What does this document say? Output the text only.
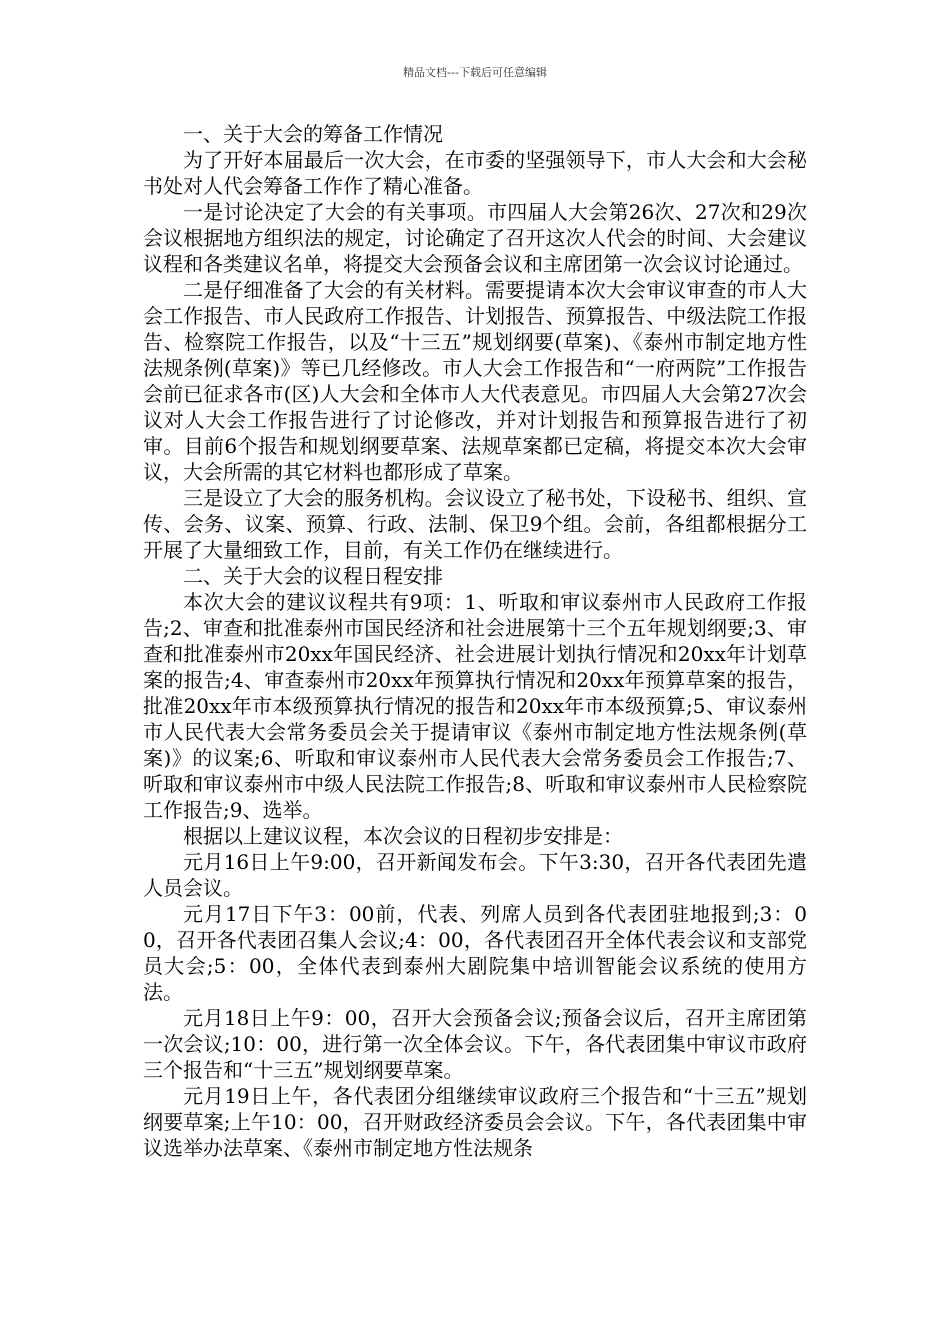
精品文档---下载后可任意编辑

一、关于大会的筹备工作情况

为了开好本届最后一次大会，在市委的坚强领导下，市人大会和大会秘书处对人代会筹备工作作了精心准备。

一是讨论决定了大会的有关事项。市四届人大会第26次、27次和29次会议根据地方组织法的规定，讨论确定了召开这次人代会的时间、大会建议议程和各类建议名单，将提交大会预备会议和主席团第一次会议讨论通过。

二是仔细准备了大会的有关材料。需要提请本次大会审议审查的市人大会工作报告、市人民政府工作报告、计划报告、预算报告、中级法院工作报告、检察院工作报告，以及“十三五”规划纲要(草案)、《泰州市制定地方性法规条例(草案)》等已几经修改。市人大会工作报告和“一府两院”工作报告会前已征求各市(区)人大会和全体市人大代表意见。市四届人大会第27次会议对人大会工作报告进行了讨论修改，并对计划报告和预算报告进行了初审。目前6个报告和规划纲要草案、法规草案都已定稿，将提交本次大会审议，大会所需的其它材料也都形成了草案。

三是设立了大会的服务机构。会议设立了秘书处，下设秘书、组织、宣传、会务、议案、预算、行政、法制、保卫9个组。会前，各组都根据分工开展了大量细致工作，目前，有关工作仍在继续进行。

二、关于大会的议程日程安排

本次大会的建议议程共有9项：1、听取和审议泰州市人民政府工作报告;2、审查和批准泰州市国民经济和社会进展第十三个五年规划纲要;3、审查和批准泰州市20xx年国民经济、社会进展计划执行情况和20xx年计划草案的报告;4、审查泰州市20xx年预算执行情况和20xx年预算草案的报告，批准20xx年市本级预算执行情况的报告和20xx年市本级预算;5、审议泰州市人民代表大会常务委员会关于提请审议《泰州市制定地方性法规条例(草案)》的议案;6、听取和审议泰州市人民代表大会常务委员会工作报告;7、听取和审议泰州市中级人民法院工作报告;8、听取和审议泰州市人民检察院工作报告;9、选举。

根据以上建议议程，本次会议的日程初步安排是：

元月16日上午9:00，召开新闻发布会。下午3:30，召开各代表团先遣人员会议。

元月17日下午3：00前，代表、列席人员到各代表团驻地报到;3：00，召开各代表团召集人会议;4：00，各代表团召开全体代表会议和支部党员大会;5：00，全体代表到泰州大剧院集中培训智能会议系统的使用方法。

元月18日上午9：00，召开大会预备会议;预备会议后，召开主席团第一次会议;10：00，进行第一次全体会议。下午，各代表团集中审议市政府三个报告和“十三五”规划纲要草案。

元月19日上午，各代表团分组继续审议政府三个报告和“十三五”规划纲要草案;上午10：00，召开财政经济委员会会议。下午，各代表团集中审议选举办法草案、《泰州市制定地方性法规条
